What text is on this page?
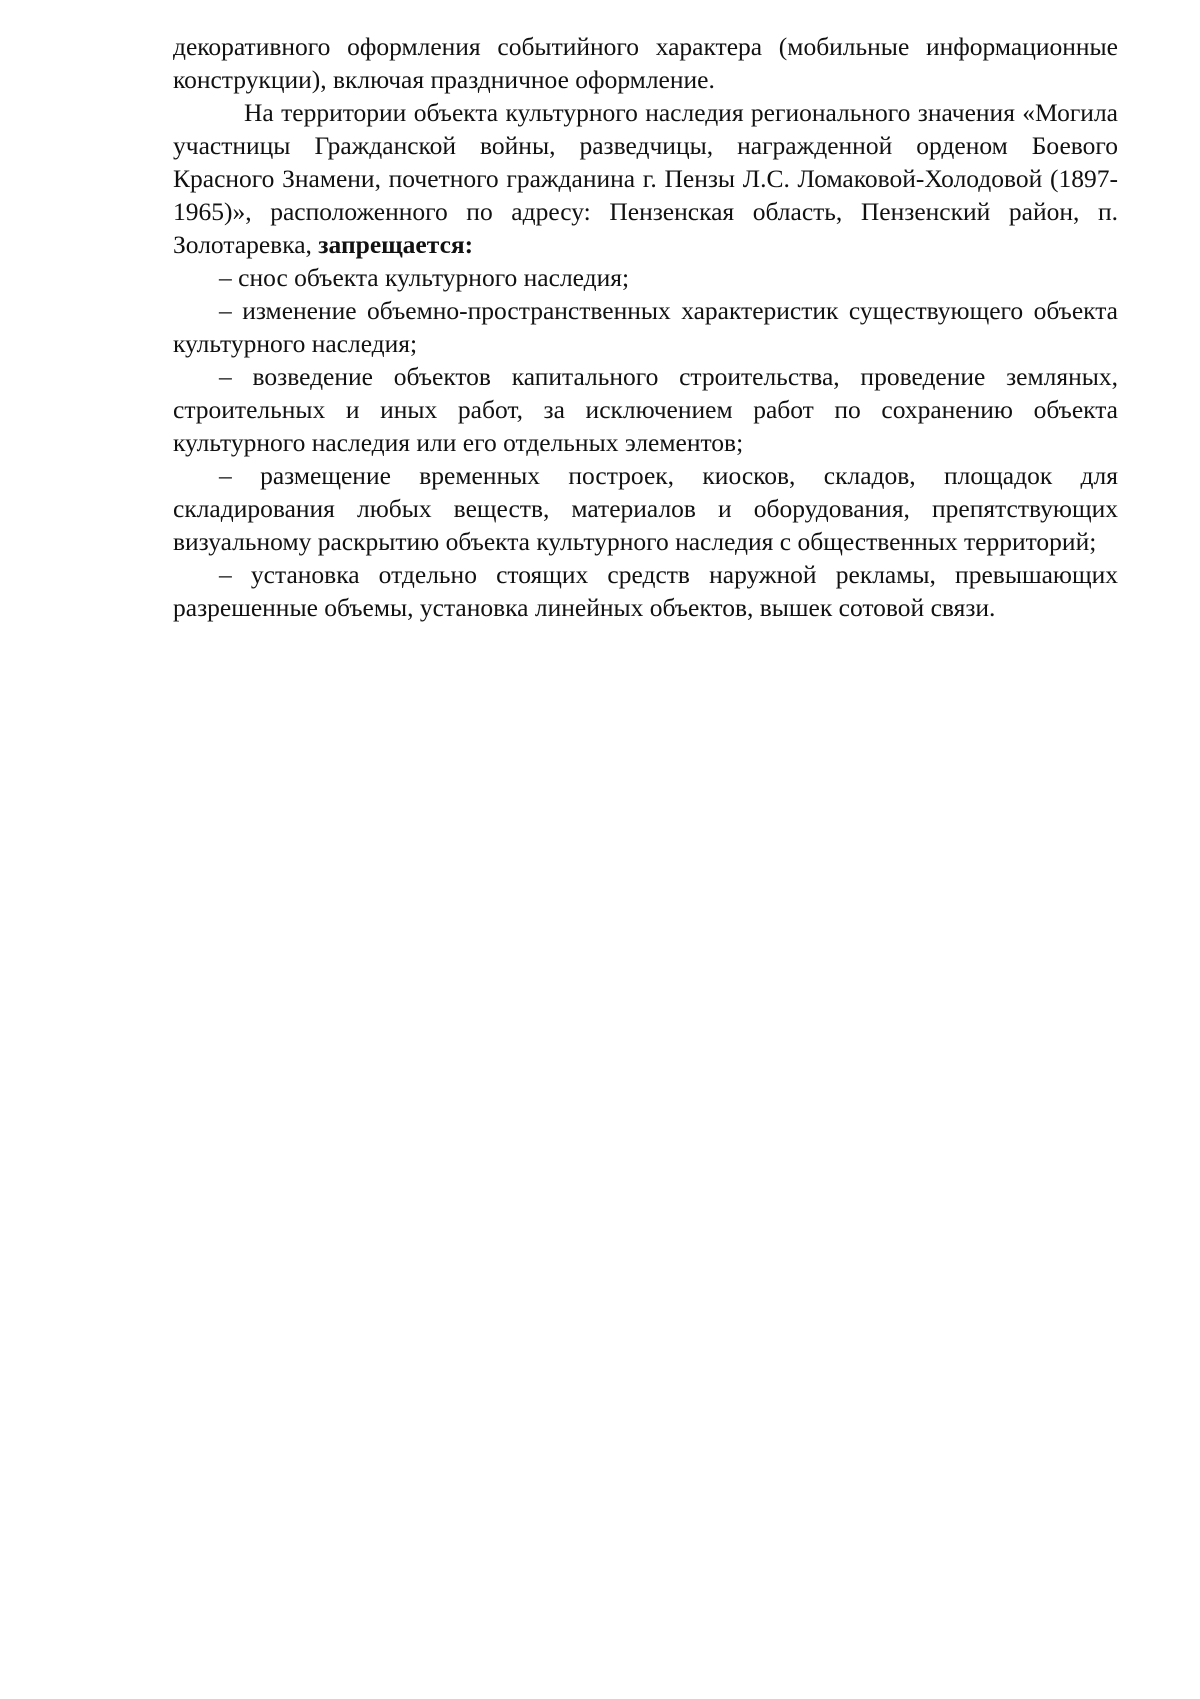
декоративного оформления событийного характера (мобильные информационные конструкции), включая праздничное оформление.

На территории объекта культурного наследия регионального значения «Могила участницы Гражданской войны, разведчицы, награжденной орденом Боевого Красного Знамени, почетного гражданина г. Пензы Л.С. Ломаковой-Холодовой (1897-1965)», расположенного по адресу: Пензенская область, Пензенский район, п. Золотаревка, запрещается:

– снос объекта культурного наследия;

– изменение объемно-пространственных характеристик существующего объекта культурного наследия;

– возведение объектов капитального строительства, проведение земляных, строительных и иных работ, за исключением работ по сохранению объекта культурного наследия или его отдельных элементов;

– размещение временных построек, киосков, складов, площадок для складирования любых веществ, материалов и оборудования, препятствующих визуальному раскрытию объекта культурного наследия с общественных территорий;

– установка отдельно стоящих средств наружной рекламы, превышающих разрешенные объемы, установка линейных объектов, вышек сотовой связи.
